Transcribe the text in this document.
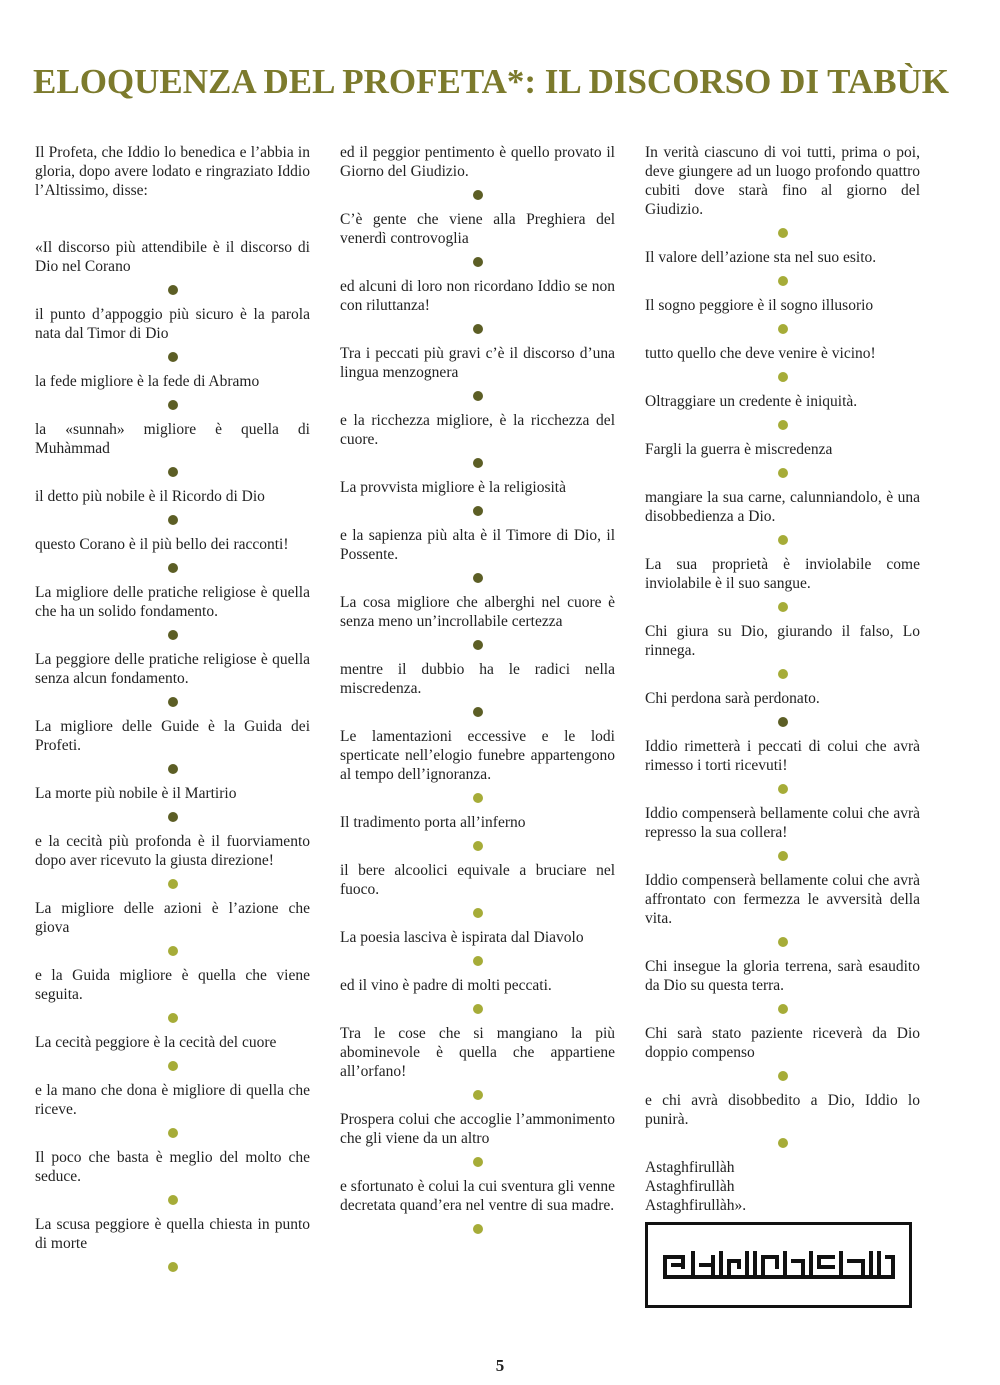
ELOQUENZA DEL PROFETA*: IL DISCORSO DI TABÙK

Il Profeta, che Iddio lo benedica e l’abbia in gloria, dopo avere lodato e ringraziato Iddio l’Altissimo, disse:

«Il discorso più attendibile è il discorso di Dio nel Corano

il punto d’appoggio più sicuro è la parola nata dal Timor di Dio

la fede migliore è la fede di Abramo

la «sunnah» migliore è quella di Muhàmmad

il detto più nobile è il Ricordo di Dio

questo Corano è il più bello dei racconti!

La migliore delle pratiche religiose è quella che ha un solido fondamento.

La peggiore delle pratiche religiose è quella senza alcun fondamento.

La migliore delle Guide è la Guida dei Profeti.

La morte più nobile è il Martirio

e la cecità più profonda è il fuorviamento dopo aver ricevuto la giusta direzione!

La migliore delle azioni è l’azione che giova

e la Guida migliore è quella che viene seguita.

La cecità peggiore è la cecità del cuore

e la mano che dona è migliore di quella che riceve.

Il poco che basta è meglio del molto che seduce.

La scusa peggiore è quella chiesta in punto di morte

ed il peggior pentimento è quello provato il Giorno del Giudizio.

C’è gente che viene alla Preghiera del venerdì controvoglia

ed alcuni di loro non ricordano Iddio se non con riluttanza!

Tra i peccati più gravi c’è il discorso d’una lingua menzognera

e la ricchezza migliore, è la ricchezza del cuore.

La provvista migliore è la religiosità

e la sapienza più alta è il Timore di Dio, il Possente.

La cosa migliore che alberghi nel cuore è senza meno un’incrollabile certezza

mentre il dubbio ha le radici nella miscredenza.

Le lamentazioni eccessive e le lodi sperticate nell’elogio funebre appartengono al tempo dell’ignoranza.

Il tradimento porta all’inferno

il bere alcoolici equivale a bruciare nel fuoco.

La poesia lasciva è ispirata dal Diavolo

ed il vino è padre di molti peccati.

Tra le cose che si mangiano la più abominevole è quella che appartiene all’orfano!

Prospera colui che accoglie l’ammonimento che gli viene da un altro

e sfortunato è colui la cui sventura gli venne decretata quand’era nel ventre di sua madre.

In verità ciascuno di voi tutti, prima o poi, deve giungere ad un luogo profondo quattro cubiti dove starà fino al giorno del Giudizio.

Il valore dell’azione sta nel suo esito.

Il sogno peggiore è il sogno illusorio

tutto quello che deve venire è vicino!

Oltraggiare un credente è iniquità.

Fargli la guerra è miscredenza

mangiare la sua carne, calunniandolo, è una disobbedienza a Dio.

La sua proprietà è inviolabile come inviolabile è il suo sangue.

Chi giura su Dio, giurando il falso, Lo rinnega.

Chi perdona sarà perdonato.

Iddio rimetterà i peccati di colui che avrà rimesso i torti ricevuti!

Iddio compenserà bellamente colui che avrà represso la sua collera!

Iddio compenserà bellamente colui che avrà affrontato con fermezza le avversità della vita.

Chi insegue la gloria terrena, sarà esaudito da Dio su questa terra.

Chi sarà stato paziente riceverà da Dio doppio compenso

e chi avrà disobbedito a Dio, Iddio lo punirà.

Astaghfirullàh
Astaghfirullàh
Astaghfirullàh».

5
